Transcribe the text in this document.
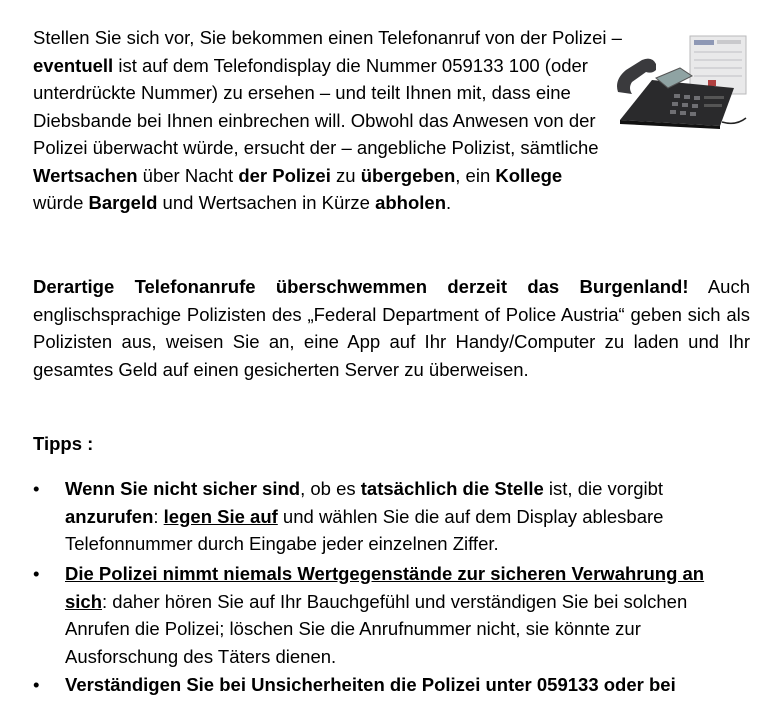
Stellen Sie sich vor, Sie bekommen einen Telefonanruf von der Polizei – eventuell ist auf dem Telefondisplay die Nummer 059133 100 (oder unterdrückte Nummer) zu ersehen – und teilt Ihnen mit, dass eine Diebsbande bei Ihnen einbrechen will. Obwohl das Anwesen von der Polizei überwacht würde, ersucht der – angebliche Polizist, sämtliche Wertsachen über Nacht der Polizei zu übergeben, ein Kollege
würde Bargeld und Wertsachen in Kürze abholen.

Derartige Telefonanrufe überschwemmen derzeit das Burgenland! Auch englischsprachige Polizisten des „Federal Department of Police Austria“ geben sich als Polizisten aus, weisen Sie an, eine App auf Ihr Handy/Computer zu laden und Ihr gesamtes Geld auf einen gesicherten Server zu überweisen.

Tipps :

• Wenn Sie nicht sicher sind, ob es tatsächlich die Stelle ist, die vorgibt
anzurufen: legen Sie auf und wählen Sie die auf dem Display ablesbare Telefonnummer durch Eingabe jeder einzelnen Ziffer.
• Die Polizei nimmt niemals Wertgegenstände zur sicheren Verwahrung an sich: daher hören Sie auf Ihr Bauchgefühl und verständigen Sie bei solchen Anrufen die Polizei; löschen Sie die Anrufnummer nicht, sie könnte zur Ausforschung des Täters dienen.
• Verständigen Sie bei Unsicherheiten die Polizei unter 059133 oder bei
